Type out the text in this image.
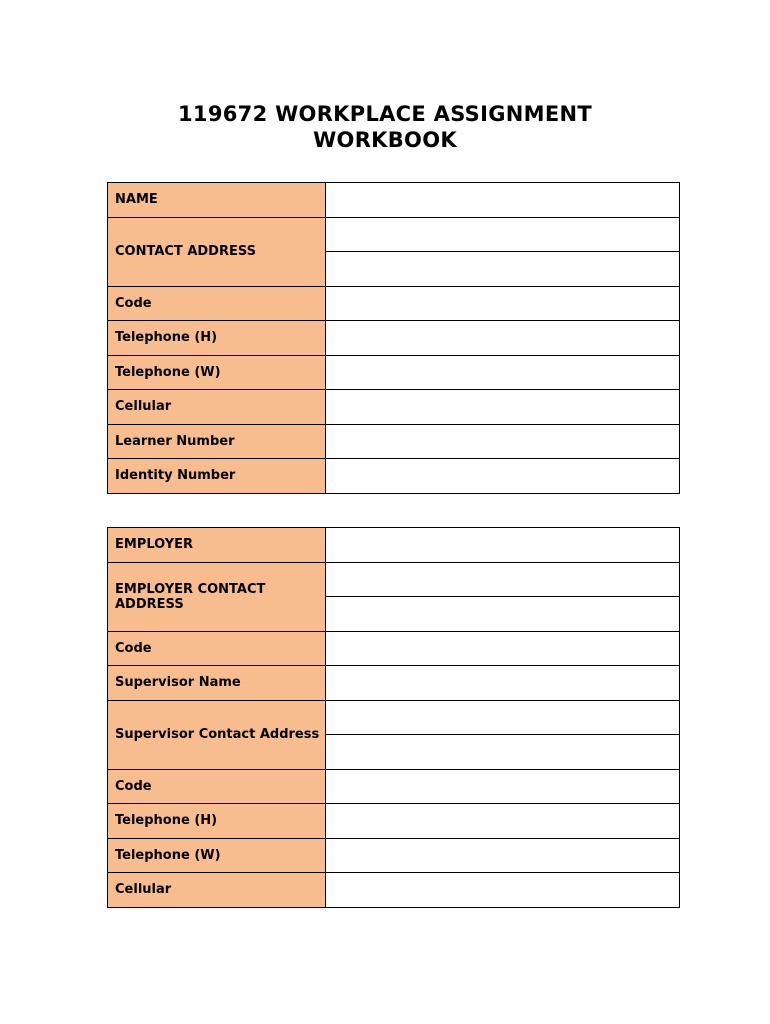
119672 WORKPLACE ASSIGNMENT
WORKBOOK
NAME	
CONTACT ADDRESS	

Code	
Telephone (H)	
Telephone (W)	
Cellular	
Learner Number	
Identity Number	
EMPLOYER	
EMPLOYER CONTACT ADDRESS	

Code	
Supervisor Name	
Supervisor Contact Address	

Code	
Telephone (H)	
Telephone (W)	
Cellular	
